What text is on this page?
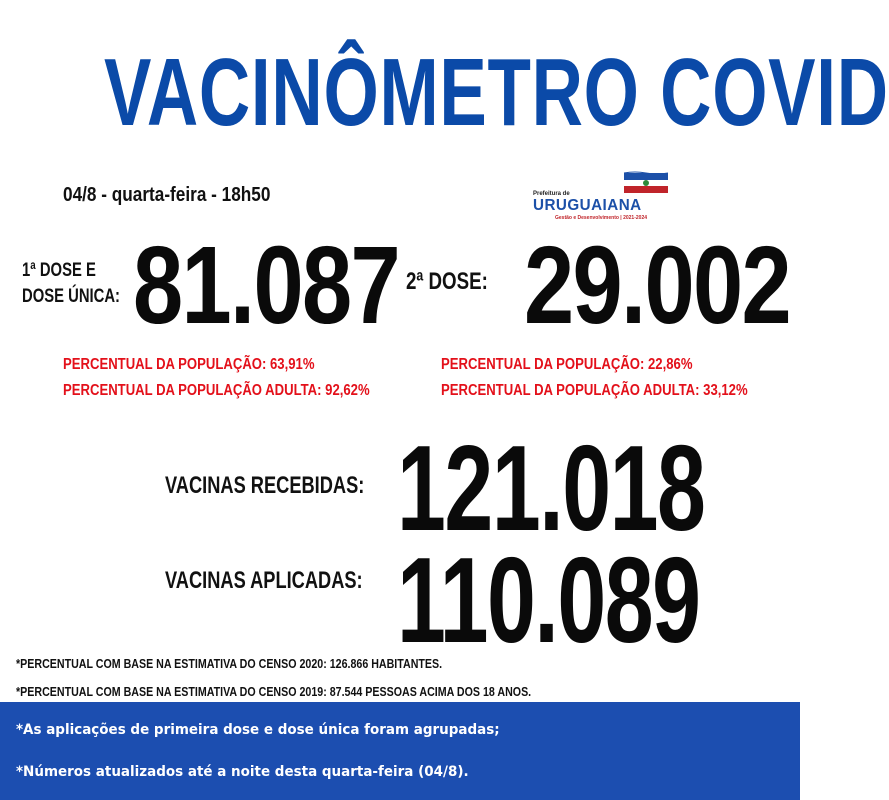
VACINÔMETRO COVID
04/8 - quarta-feira - 18h50	Prefeitura de
URUGUAIANA
Gestão e Desenvolvimento | 2021-2024
1ª DOSE E
DOSE ÚNICA: 81.087 2ª DOSE: 29.002
PERCENTUAL DA POPULAÇÃO: 63,91%
PERCENTUAL DA POPULAÇÃO ADULTA: 92,62%
PERCENTUAL DA POPULAÇÃO: 22,86%
PERCENTUAL DA POPULAÇÃO ADULTA: 33,12%
VACINAS RECEBIDAS: 121.018
VACINAS APLICADAS: 110.089
*PERCENTUAL COM BASE NA ESTIMATIVA DO CENSO 2020: 126.866 HABITANTES.
*PERCENTUAL COM BASE NA ESTIMATIVA DO CENSO 2019: 87.544 PESSOAS ACIMA DOS 18 ANOS.
*As aplicações de primeira dose e dose única foram agrupadas;
*Números atualizados até a noite desta quarta-feira (04/8).
